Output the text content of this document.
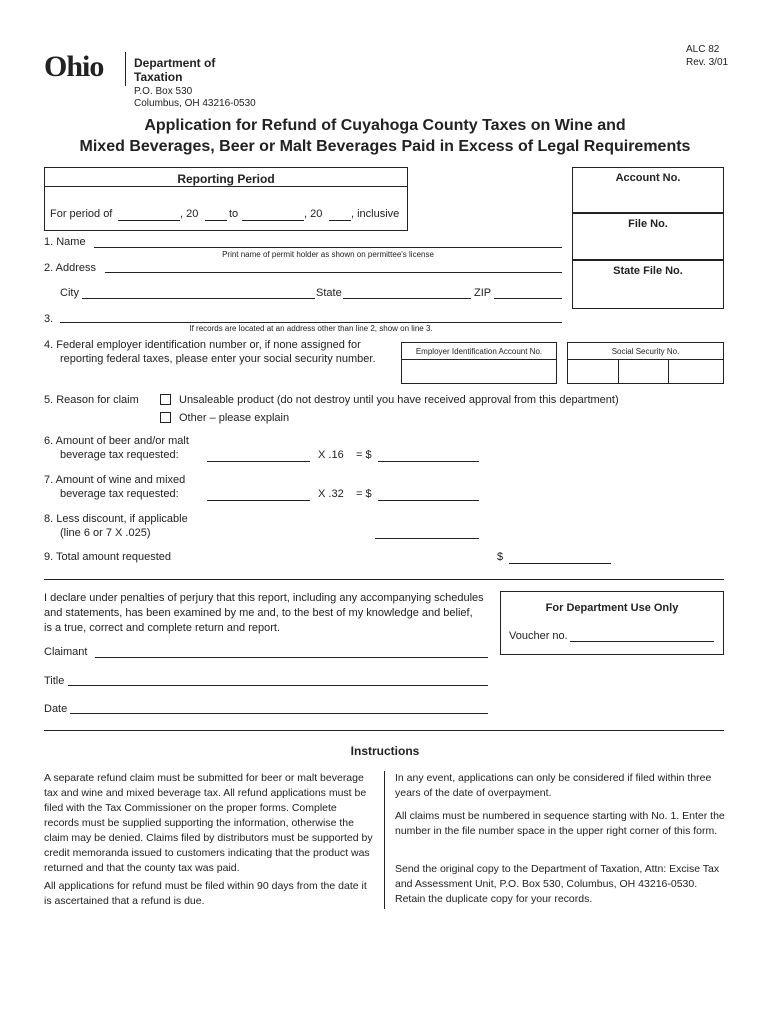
Ohio	Department of
Taxation
P.O. Box 530
Columbus, OH 43216-0530
ALC 82
Rev. 3/01
Application for Refund of Cuyahoga County Taxes on Wine and
Mixed Beverages, Beer or Malt Beverages Paid in Excess of Legal Requirements
Reporting Period
For period of	, 20	to	, 20	, inclusive
Account No.
File No.
State File No.
1. Name
Print name of permit holder as shown on permittee's license
2. Address
City	State	ZIP
3.
If records are located at an address other than line 2, show on line 3.
4. Federal employer identification number or, if none assigned for
reporting federal taxes, please enter your social security number.
Employer Identification Account No.	Social Security No.
5. Reason for claim	Unsaleable product (do not destroy until you have received approval from this department)
Other – please explain
6. Amount of beer and/or malt
beverage tax requested:	X .16 = $
7. Amount of wine and mixed
beverage tax requested:	X .32 = $
8. Less discount, if applicable
(line 6 or 7 X .025)
9. Total amount requested	$
I declare under penalties of perjury that this report, including any accompanying schedules
and statements, has been examined by me and, to the best of my knowledge and belief,
is a true, correct and complete return and report.
Claimant
Title
Date
For Department Use Only
Voucher no.
Instructions

A separate refund claim must be submitted for beer or malt beverage tax and wine and mixed beverage tax. All refund applications must be filed with the Tax Commissioner on the proper forms. Complete records must be supplied supporting the information, otherwise the claim may be denied. Claims filed by distributors must be supported by credit memoranda issued to customers indicating that the product was returned and that the county tax was paid.

All applications for refund must be filed within 90 days from the date it is ascertained that a refund is due.

In any event, applications can only be considered if filed within three years of the date of overpayment.

All claims must be numbered in sequence starting with No. 1. Enter the number in the file number space in the upper right corner of this form.

Send the original copy to the Department of Taxation, Attn: Excise Tax and Assessment Unit, P.O. Box 530, Columbus, OH 43216-0530. Retain the duplicate copy for your records.
